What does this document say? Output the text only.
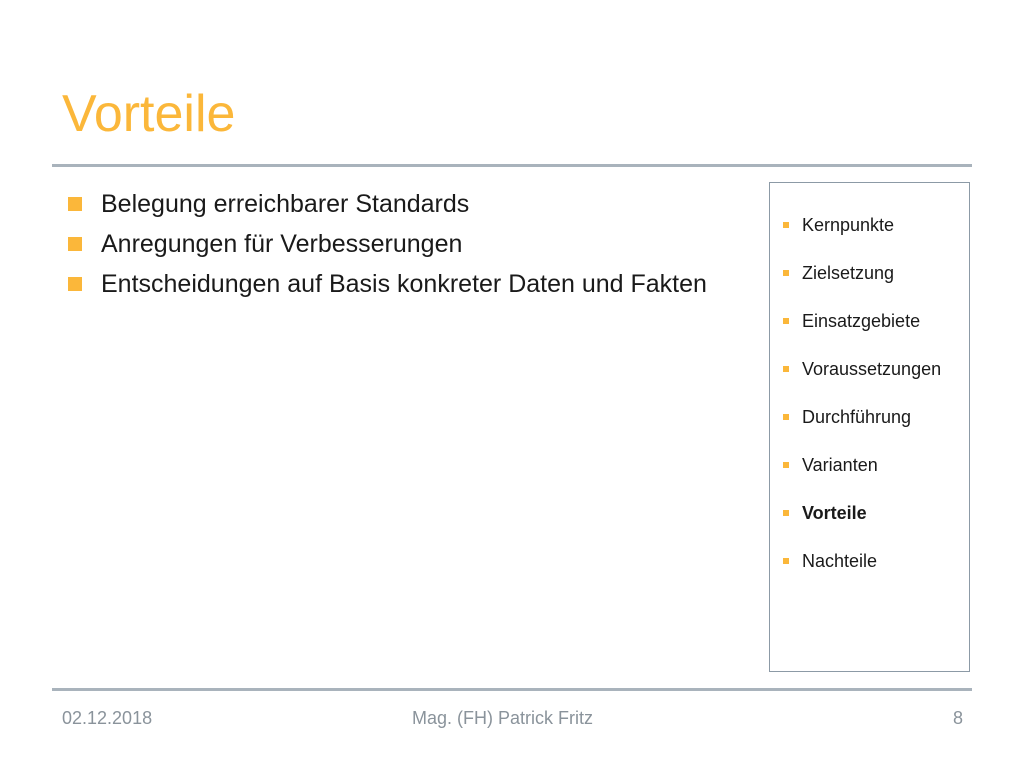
Vorteile
Belegung erreichbarer Standards
Anregungen für Verbesserungen
Entscheidungen auf Basis konkreter Daten und Fakten
Kernpunkte
Zielsetzung
Einsatzgebiete
Voraussetzungen
Durchführung
Varianten
Vorteile
Nachteile
02.12.2018	Mag. (FH) Patrick Fritz	8
